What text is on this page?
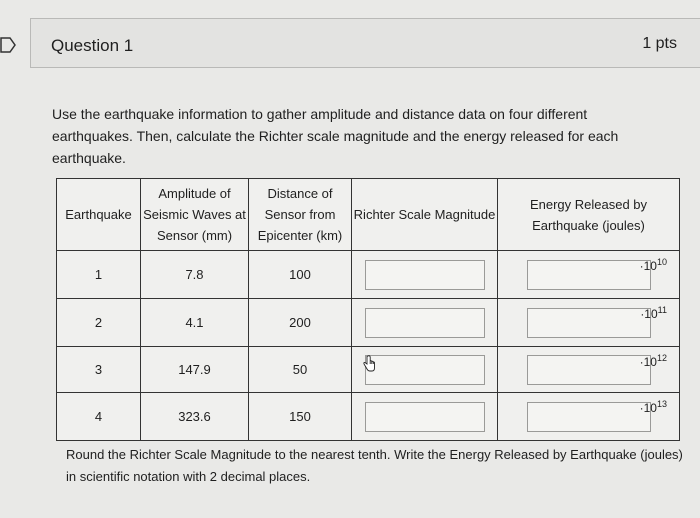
Question 1	1 pts
Use the earthquake information to gather amplitude and distance data on four different earthquakes. Then, calculate the Richter scale magnitude and the energy released for each earthquake.
Earthquake	Amplitude of Seismic Waves at Sensor (mm)	Distance of Sensor from Epicenter (km)	Richter Scale Magnitude	Energy Released by Earthquake (joules)
1	7.8	100		$\cdot 10^{10}$

2	4.1	200		$\cdot 10^{11}$

3	147.9	50		$\cdot 10^{12}$

4	323.6	150		$\cdot 10^{13}$
Round the Richter Scale Magnitude to the nearest tenth. Write the Energy Released by Earthquake (joules) in scientific notation with 2 decimal places.
